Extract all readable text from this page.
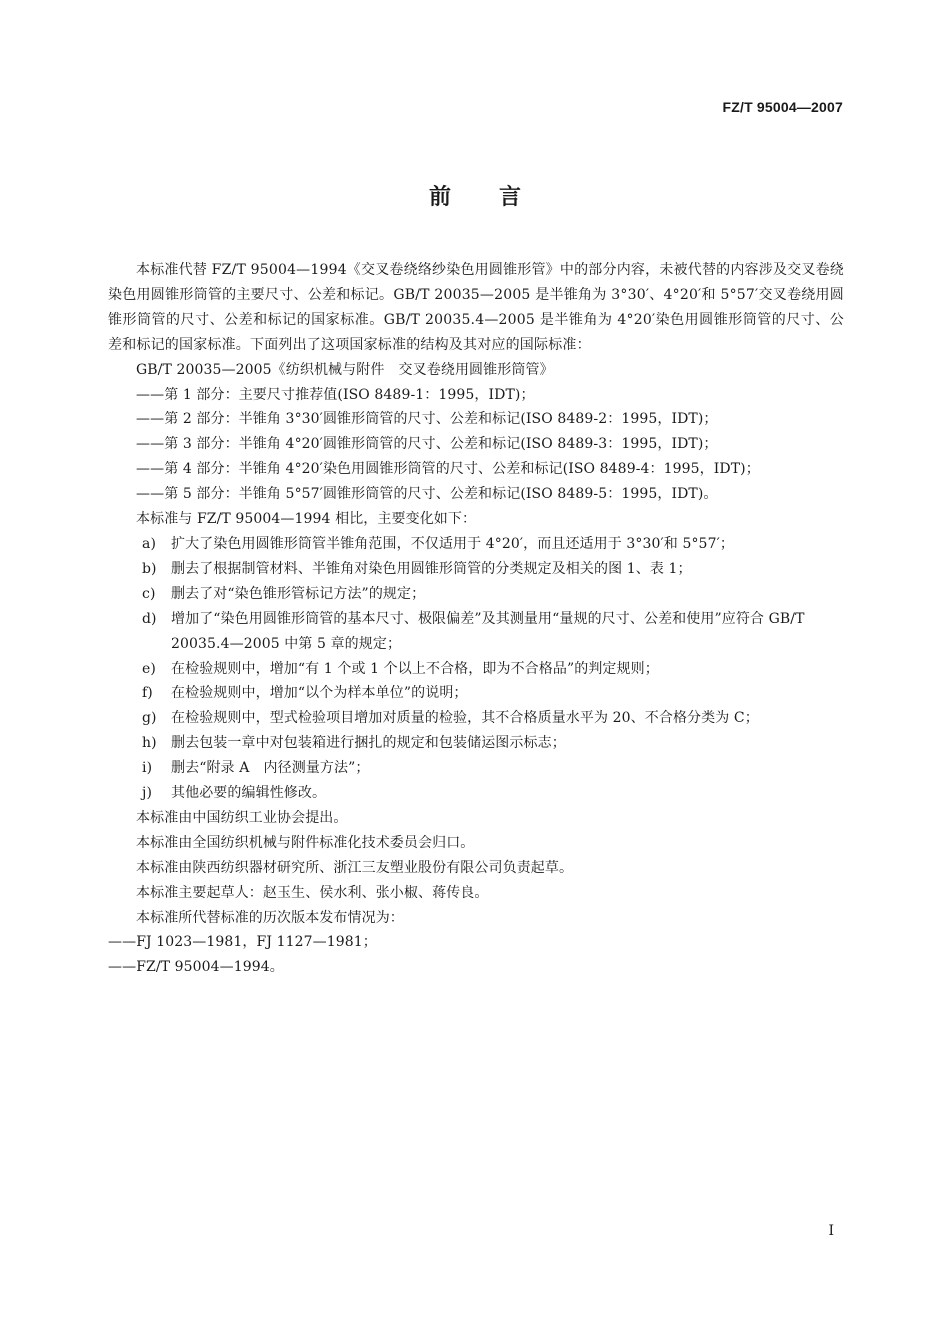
FZ/T 95004—2007
前 言

本标准代替 FZ/T 95004—1994《交叉卷绕络纱染色用圆锥形管》中的部分内容，未被代替的内容涉及交叉卷绕染色用圆锥形筒管的主要尺寸、公差和标记。GB/T 20035—2005 是半锥角为 3°30′、4°20′和 5°57′交叉卷绕用圆锥形筒管的尺寸、公差和标记的国家标准。GB/T 20035.4—2005 是半锥角为 4°20′染色用圆锥形筒管的尺寸、公差和标记的国家标准。下面列出了这项国家标准的结构及其对应的国际标准：

GB/T 20035—2005《纺织机械与附件　交叉卷绕用圆锥形筒管》

——第 1 部分：主要尺寸推荐值(ISO 8489-1：1995，IDT)；

——第 2 部分：半锥角 3°30′圆锥形筒管的尺寸、公差和标记(ISO 8489-2：1995，IDT)；

——第 3 部分：半锥角 4°20′圆锥形筒管的尺寸、公差和标记(ISO 8489-3：1995，IDT)；

——第 4 部分：半锥角 4°20′染色用圆锥形筒管的尺寸、公差和标记(ISO 8489-4：1995，IDT)；

——第 5 部分：半锥角 5°57′圆锥形筒管的尺寸、公差和标记(ISO 8489-5：1995，IDT)。

本标准与 FZ/T 95004—1994 相比，主要变化如下：

a) 扩大了染色用圆锥形筒管半锥角范围，不仅适用于 4°20′，而且还适用于 3°30′和 5°57′；

b) 删去了根据制管材料、半锥角对染色用圆锥形筒管的分类规定及相关的图 1、表 1；

c) 删去了对“染色锥形管标记方法”的规定；

d) 增加了“染色用圆锥形筒管的基本尺寸、极限偏差”及其测量用“量规的尺寸、公差和使用”应符合 GB/T 20035.4—2005 中第 5 章的规定；

e) 在检验规则中，增加“有 1 个或 1 个以上不合格，即为不合格品”的判定规则；

f) 在检验规则中，增加“以个为样本单位”的说明；

g) 在检验规则中，型式检验项目增加对质量的检验，其不合格质量水平为 20、不合格分类为 C；

h) 删去包装一章中对包装箱进行捆扎的规定和包装储运图示标志；

i) 删去“附录 A　内径测量方法”；

j) 其他必要的编辑性修改。

本标准由中国纺织工业协会提出。

本标准由全国纺织机械与附件标准化技术委员会归口。

本标准由陕西纺织器材研究所、浙江三友塑业股份有限公司负责起草。

本标准主要起草人：赵玉生、侯水利、张小椒、蒋传良。

本标准所代替标准的历次版本发布情况为：

——FJ 1023—1981，FJ 1127—1981；

——FZ/T 95004—1994。

I
